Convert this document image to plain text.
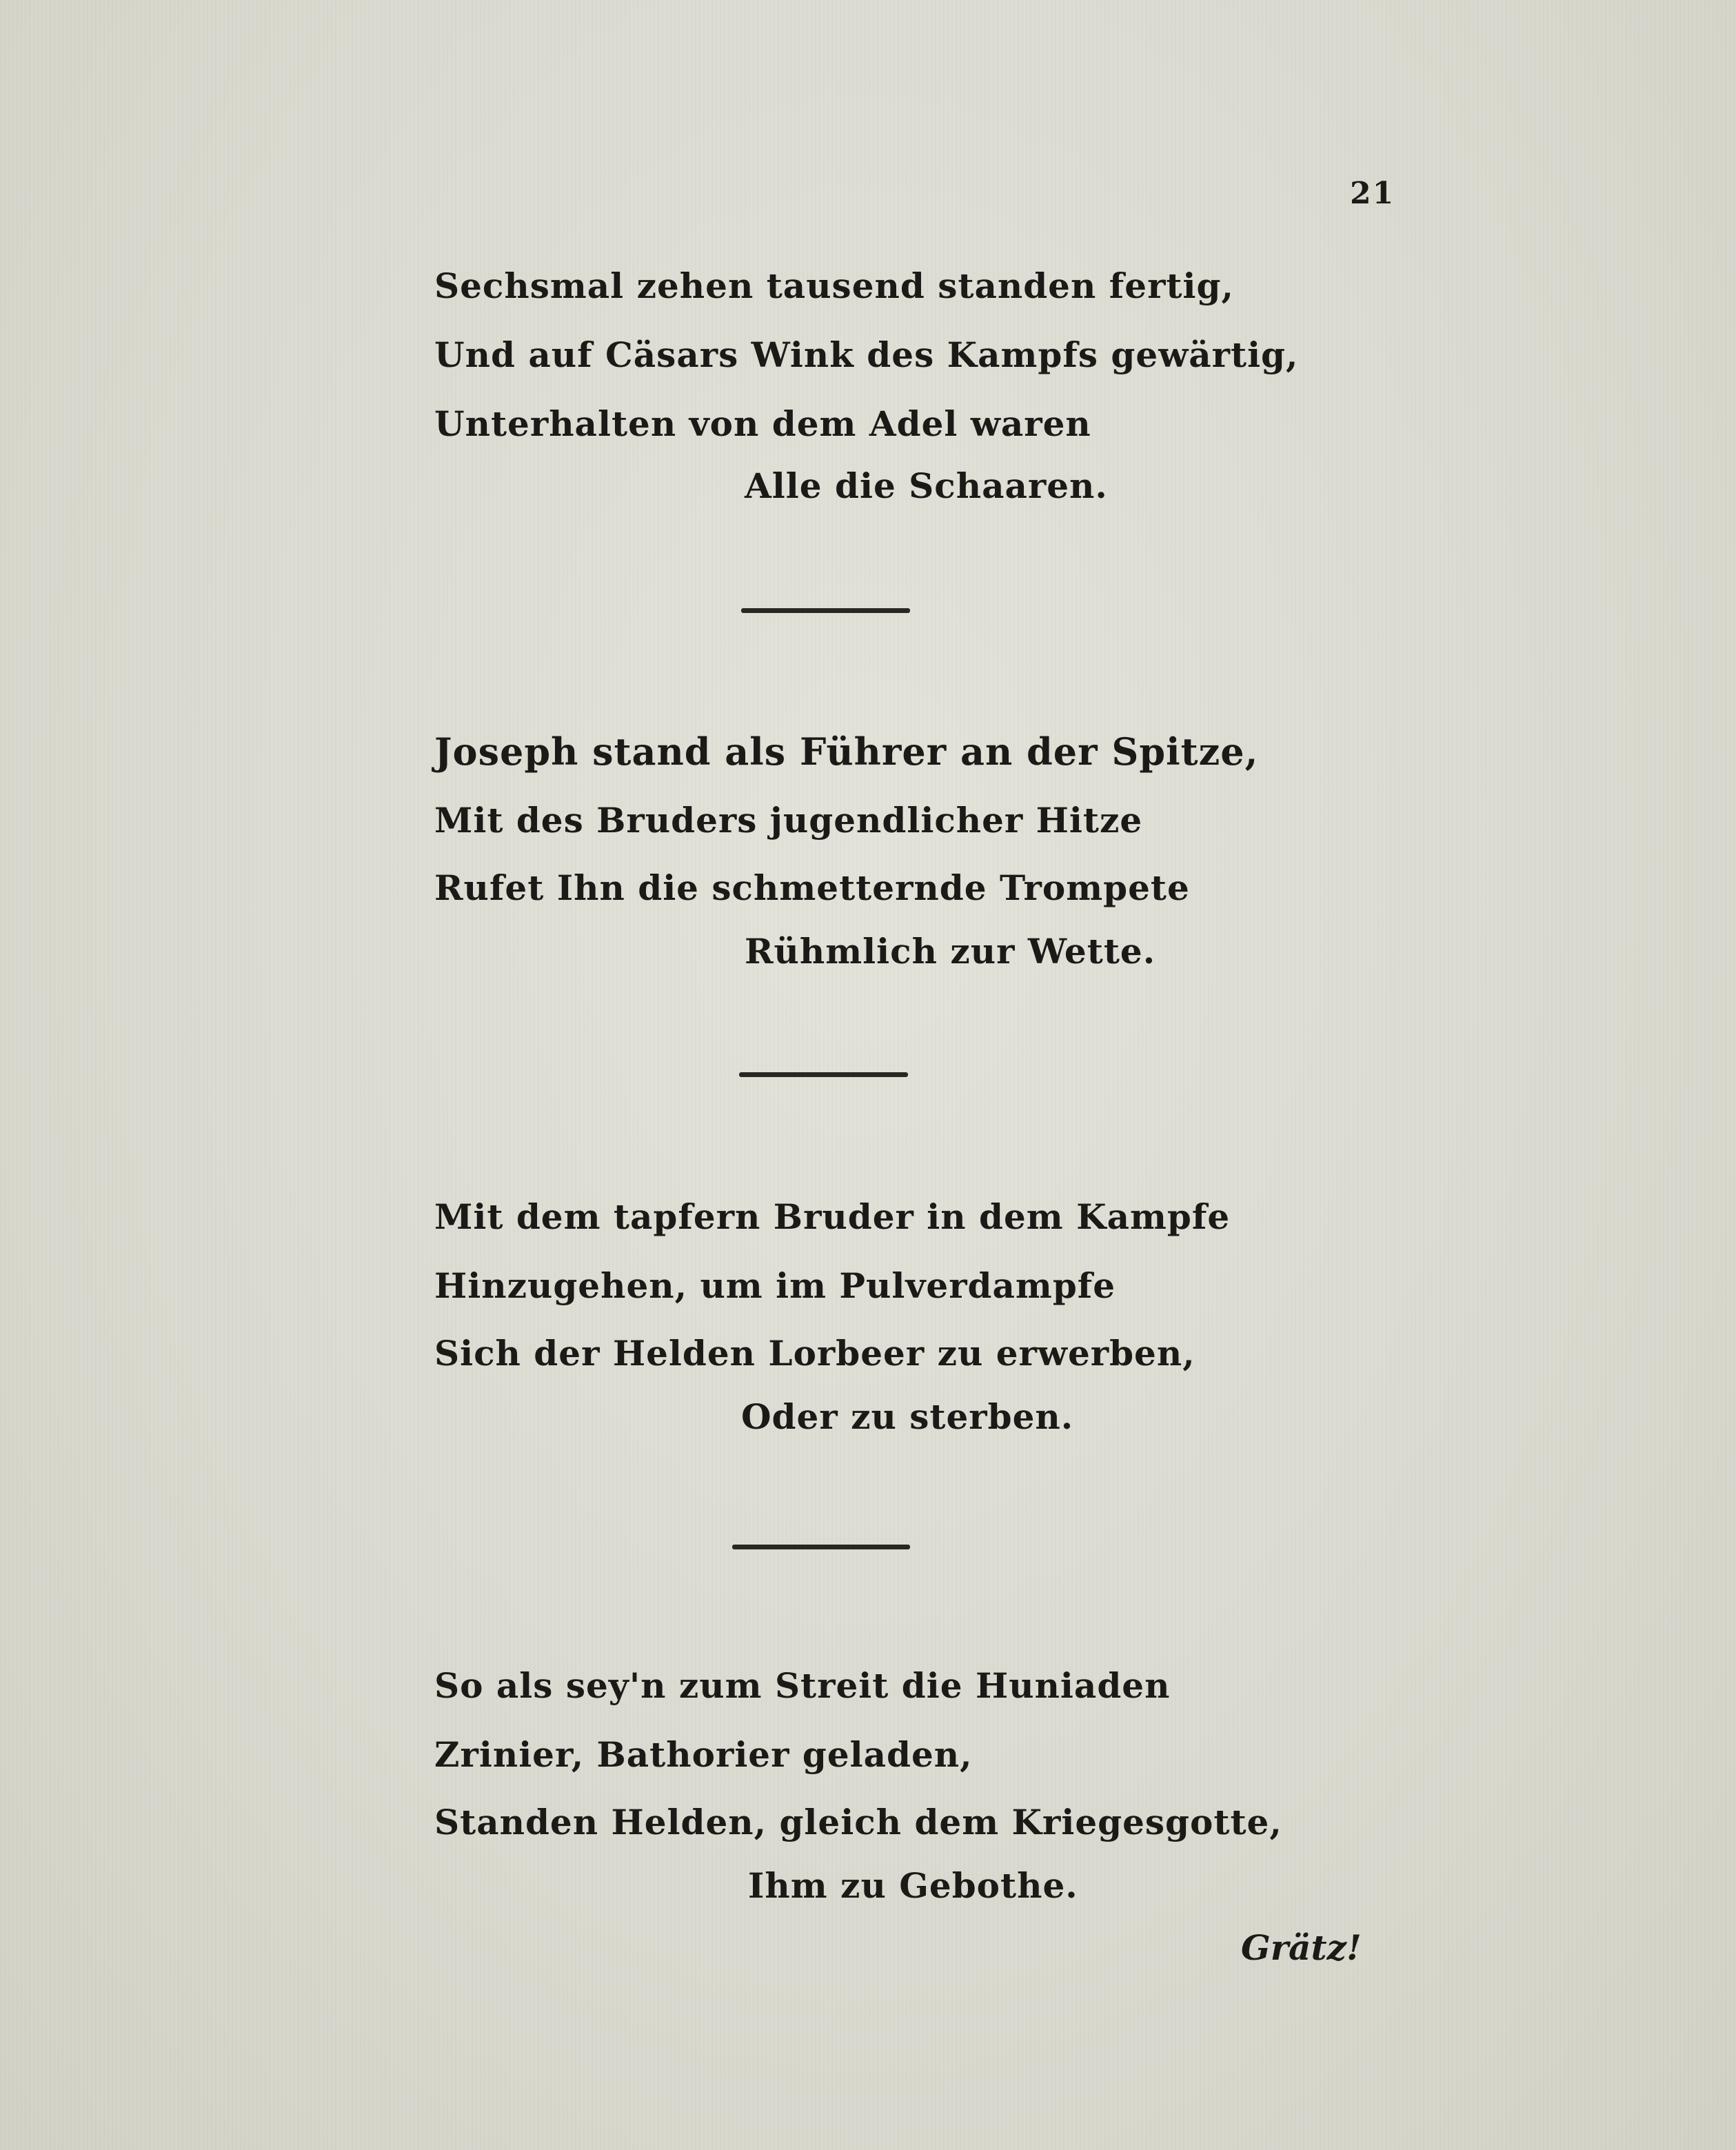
21
Sechsmal zehen tausend standen fertig,
Und auf Cäsars Wink des Kampfs gewärtig,
Unterhalten von dem Adel waren
Alle die Schaaren.
Joseph stand als Führer an der Spitze,
Mit des Bruders jugendlicher Hitze
Rufet Ihn die schmetternde Trompete
Rühmlich zur Wette.
Mit dem tapfern Bruder in dem Kampfe
Hinzugehen, um im Pulverdampfe
Sich der Helden Lorbeer zu erwerben,
Oder zu sterben.
So als sey'n zum Streit die Huniaden
Zrinier, Bathorier geladen,
Standen Helden, gleich dem Kriegesgotte,
Ihm zu Gebothe.
Grätz!
